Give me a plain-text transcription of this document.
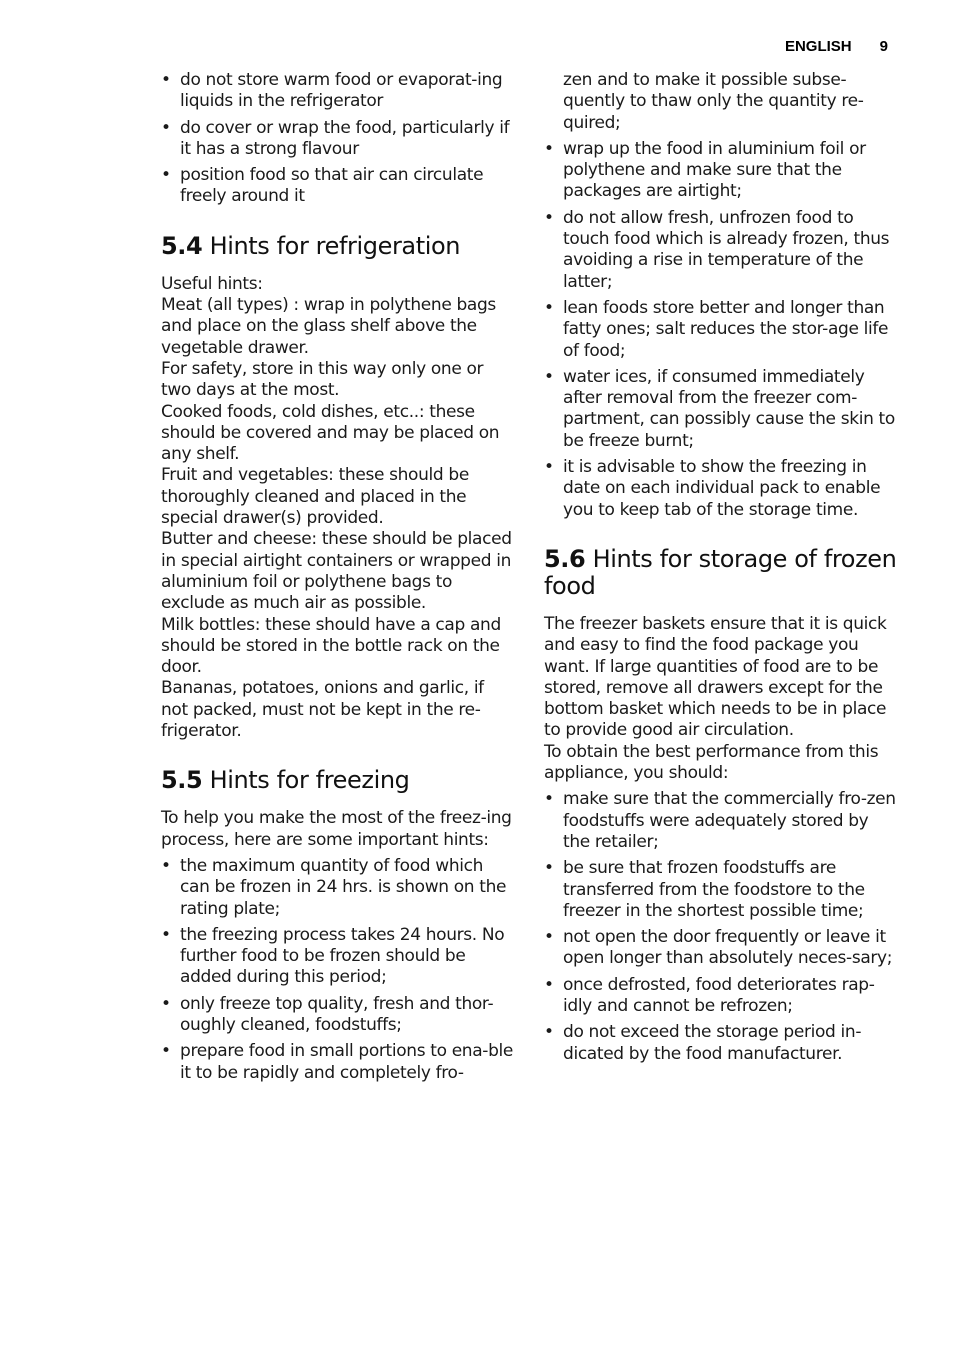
ENGLISH 9
• do not store warm food or evaporat-ing liquids in the refrigerator
• do cover or wrap the food, particularly if it has a strong flavour
• position food so that air can circulate freely around it
5.4 Hints for refrigeration

Useful hints:

Meat (all types) : wrap in polythene bags and place on the glass shelf above the vegetable drawer.

For safety, store in this way only one or two days at the most.

Cooked foods, cold dishes, etc..: these should be covered and may be placed on any shelf.

Fruit and vegetables: these should be thoroughly cleaned and placed in the special drawer(s) provided.

Butter and cheese: these should be placed in special airtight containers or wrapped in aluminium foil or polythene bags to exclude as much air as possible.

Milk bottles: these should have a cap and should be stored in the bottle rack on the door.

Bananas, potatoes, onions and garlic, if not packed, must not be kept in the re-frigerator.

5.5 Hints for freezing

To help you make the most of the freez-ing process, here are some important hints:

• the maximum quantity of food which can be frozen in 24 hrs. is shown on the rating plate;
• the freezing process takes 24 hours. No further food to be frozen should be added during this period;
• only freeze top quality, fresh and thor-oughly cleaned, foodstuffs;
• prepare food in small portions to ena-ble it to be rapidly and completely fro-
zen and to make it possible subse-quently to thaw only the quantity re-quired;
• wrap up the food in aluminium foil or polythene and make sure that the packages are airtight;
• do not allow fresh, unfrozen food to touch food which is already frozen, thus avoiding a rise in temperature of the latter;
• lean foods store better and longer than fatty ones; salt reduces the stor-age life of food;
• water ices, if consumed immediately after removal from the freezer com-partment, can possibly cause the skin to be freeze burnt;
• it is advisable to show the freezing in date on each individual pack to enable you to keep tab of the storage time.
5.6 Hints for storage of frozen food

The freezer baskets ensure that it is quick and easy to find the food package you want. If large quantities of food are to be stored, remove all drawers except for the bottom basket which needs to be in place to provide good air circulation.

To obtain the best performance from this appliance, you should:

• make sure that the commercially fro-zen foodstuffs were adequately stored by the retailer;
• be sure that frozen foodstuffs are transferred from the foodstore to the freezer in the shortest possible time;
• not open the door frequently or leave it open longer than absolutely neces-sary;
• once defrosted, food deteriorates rap-idly and cannot be refrozen;
• do not exceed the storage period in-dicated by the food manufacturer.
